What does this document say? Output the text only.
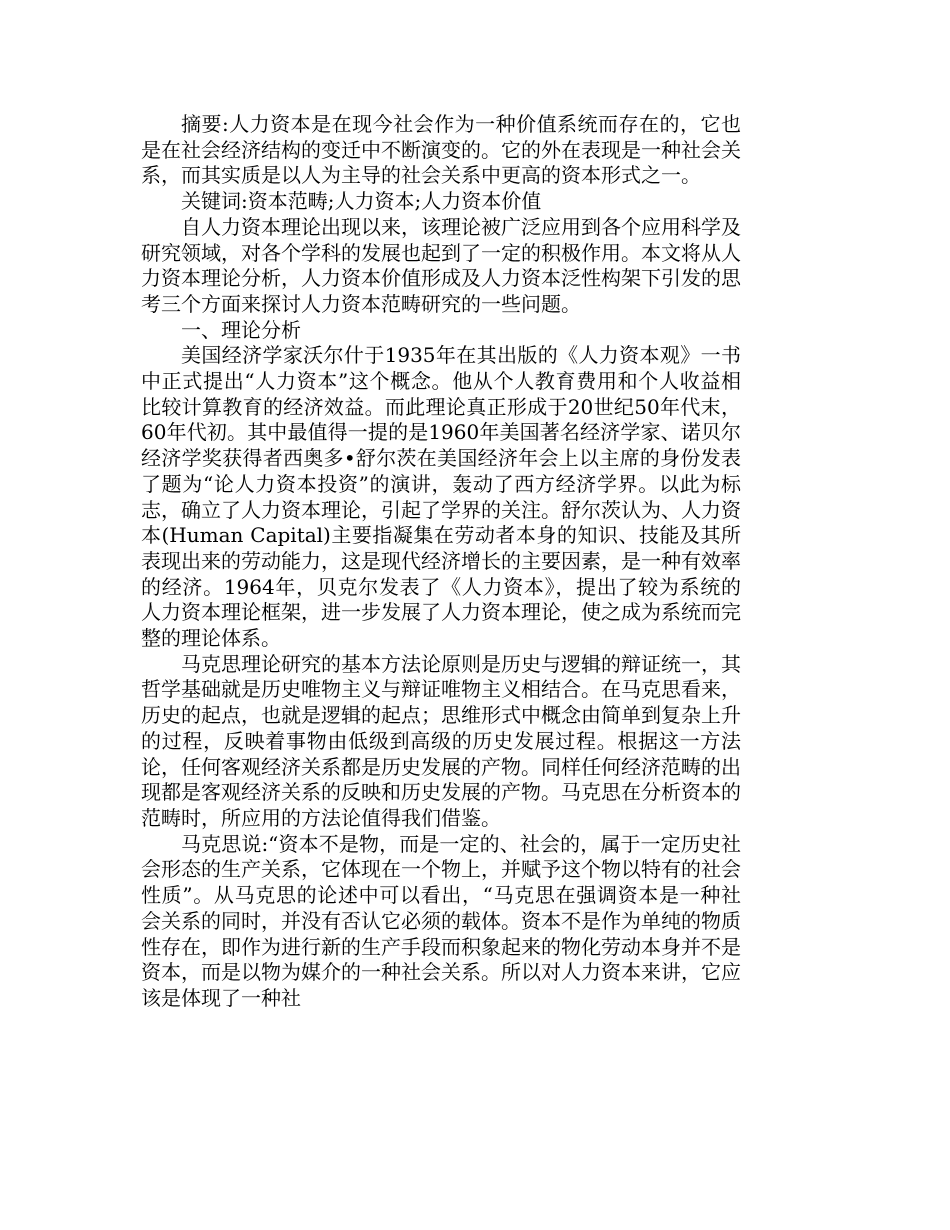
摘要:人力资本是在现今社会作为一种价值系统而存在的，它也是在社会经济结构的变迁中不断演变的。它的外在表现是一种社会关系，而其实质是以人为主导的社会关系中更高的资本形式之一。

关键词:资本范畴;人力资本;人力资本价值

自人力资本理论出现以来，该理论被广泛应用到各个应用科学及研究领域，对各个学科的发展也起到了一定的积极作用。本文将从人力资本理论分析，人力资本价值形成及人力资本泛性构架下引发的思考三个方面来探讨人力资本范畴研究的一些问题。

一、理论分析

美国经济学家沃尔什于1935年在其出版的《人力资本观》一书中正式提出“人力资本”这个概念。他从个人教育费用和个人收益相比较计算教育的经济效益。而此理论真正形成于20世纪50年代末，60年代初。其中最值得一提的是1960年美国著名经济学家、诺贝尔经济学奖获得者西奥多•舒尔茨在美国经济年会上以主席的身份发表了题为“论人力资本投资”的演讲，轰动了西方经济学界。以此为标志，确立了人力资本理论，引起了学界的关注。舒尔茨认为、人力资本(Human Capital)主要指凝集在劳动者本身的知识、技能及其所表现出来的劳动能力，这是现代经济增长的主要因素，是一种有效率的经济。1964年，贝克尔发表了《人力资本》，提出了较为系统的人力资本理论框架，进一步发展了人力资本理论，使之成为系统而完整的理论体系。

马克思理论研究的基本方法论原则是历史与逻辑的辩证统一，其哲学基础就是历史唯物主义与辩证唯物主义相结合。在马克思看来，历史的起点，也就是逻辑的起点；思维形式中概念由简单到复杂上升的过程，反映着事物由低级到高级的历史发展过程。根据这一方法论，任何客观经济关系都是历史发展的产物。同样任何经济范畴的出现都是客观经济关系的反映和历史发展的产物。马克思在分析资本的范畴时，所应用的方法论值得我们借鉴。

马克思说:“资本不是物，而是一定的、社会的，属于一定历史社会形态的生产关系，它体现在一个物上，并赋予这个物以特有的社会性质”。从马克思的论述中可以看出，“马克思在强调资本是一种社会关系的同时，并没有否认它必须的载体。资本不是作为单纯的物质性存在，即作为进行新的生产手段而积象起来的物化劳动本身并不是资本，而是以物为媒介的一种社会关系。所以对人力资本来讲，它应该是体现了一种社
